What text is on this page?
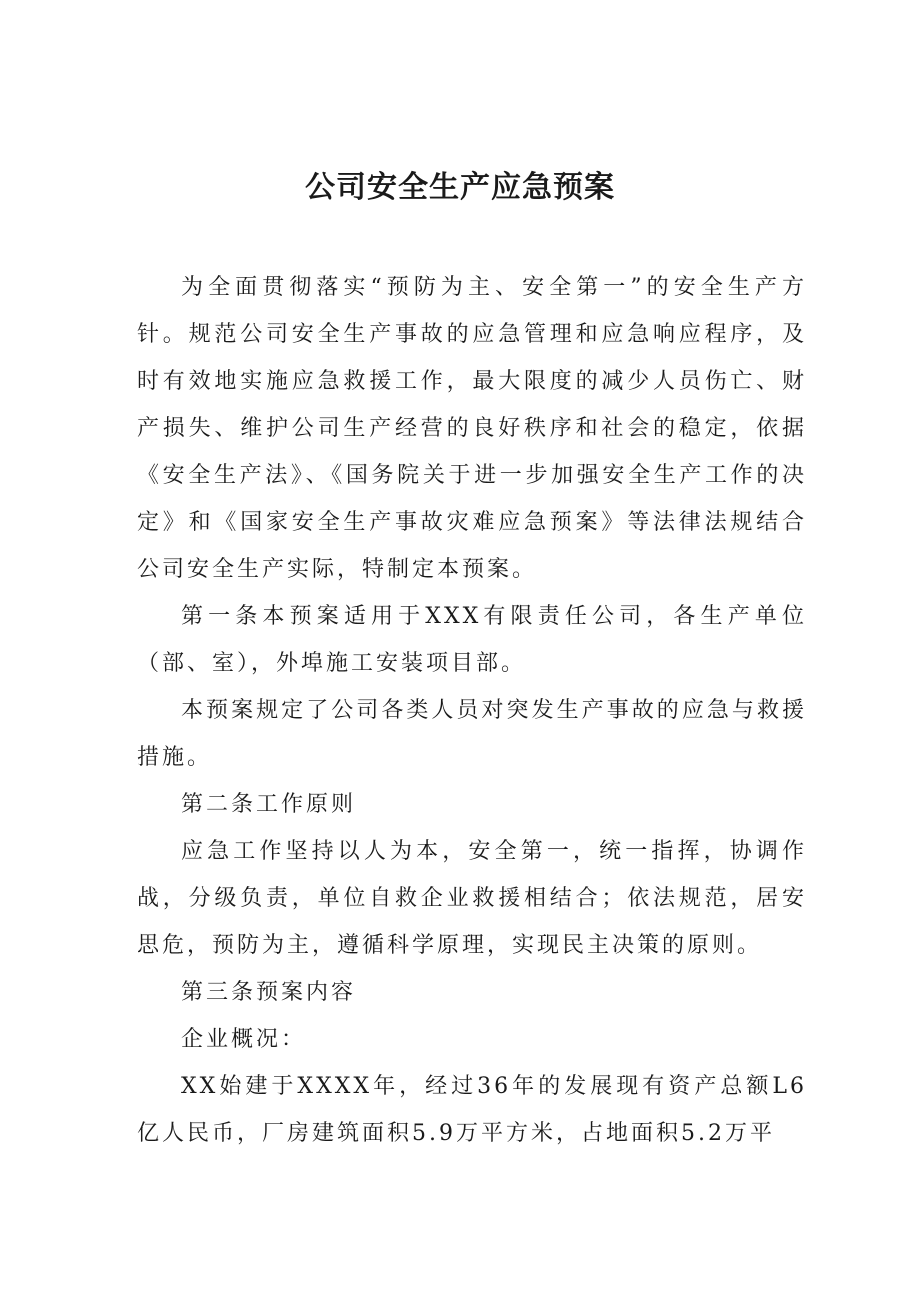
公司安全生产应急预案

为全面贯彻落实“预防为主、安全第一”的安全生产方针。规范公司安全生产事故的应急管理和应急响应程序，及时有效地实施应急救援工作，最大限度的减少人员伤亡、财产损失、维护公司生产经营的良好秩序和社会的稳定，依据《安全生产法》、《国务院关于进一步加强安全生产工作的决定》和《国家安全生产事故灾难应急预案》等法律法规结合公司安全生产实际，特制定本预案。

第一条本预案适用于XXX有限责任公司，各生产单位（部、室），外埠施工安装项目部。

本预案规定了公司各类人员对突发生产事故的应急与救援措施。

第二条工作原则

应急工作坚持以人为本，安全第一，统一指挥，协调作战，分级负责，单位自救企业救援相结合；依法规范，居安思危，预防为主，遵循科学原理，实现民主决策的原则。

第三条预案内容

企业概况：

XX始建于XXXX年，经过36年的发展现有资产总额L6亿人民币，厂房建筑面积5.9万平方米，占地面积5.2万平
